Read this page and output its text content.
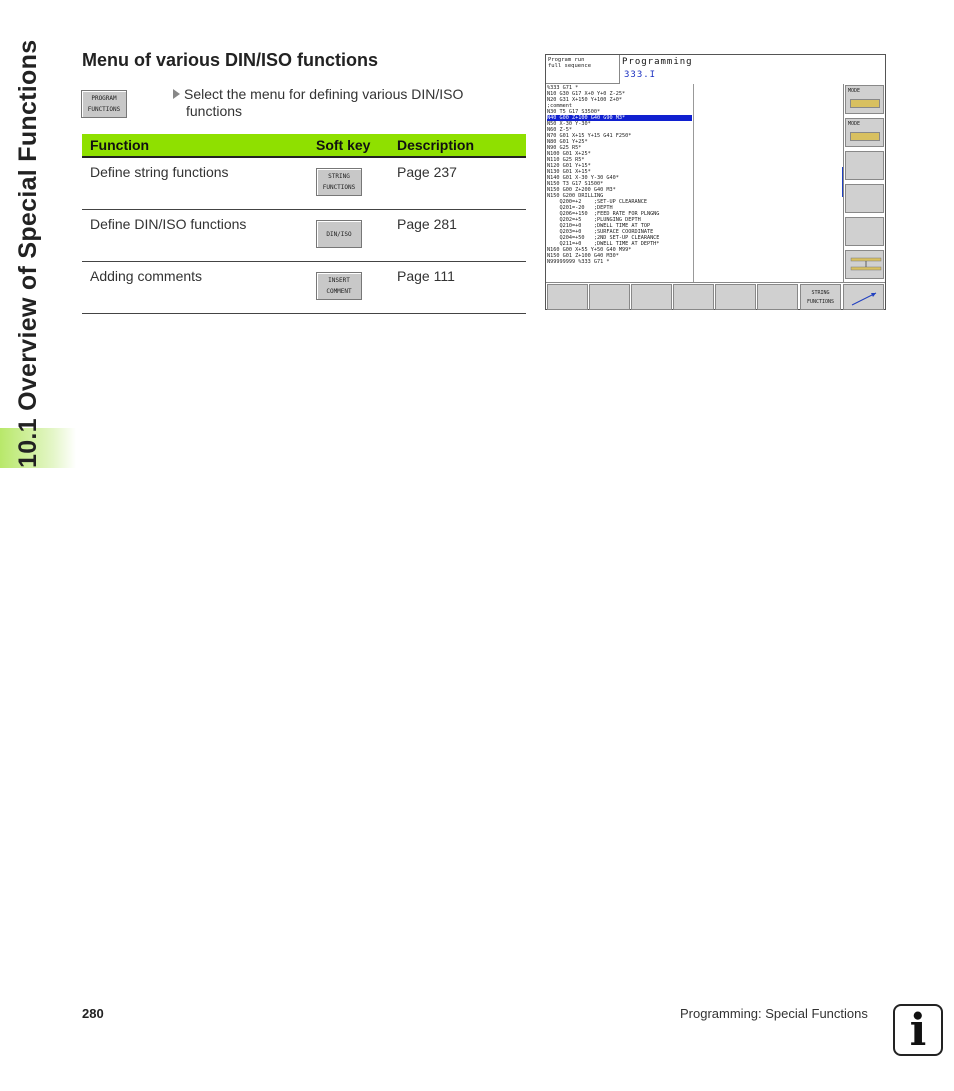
10.1 Overview of Special Functions	Menu of various DIN/ISO functions
PROGRAM
FUNCTIONS
Select the menu for defining various DIN/ISO
functions
Function	Soft key	Description
Define string functions	STRING
FUNCTIONS	Page 237
Define DIN/ISO functions	DIN/ISO	Page 281
Adding comments	INSERT
COMMENT	Page 111
Program run
full sequence	Programming
333.I
%333 G71 *
N10 G30 G17 X+0 Y+0 Z-25*
N20 G31 X+150 Y+100 Z+0*
;comment
N30 T5 G17 S3500*
N40 G00 Z+100 G40 G90 M3*
N50 X-30 Y-30*
N60 Z-5*
N70 G01 X+15 Y+15 G41 F250*
N80 G01 Y+25*
N90 G25 R5*
N100 G01 X+25*
N110 G25 R5*
N120 G01 Y+15*
N130 G01 X+15*
N140 G01 X-30 Y-30 G40*
N150 T3 G17 S1500*
N150 G00 Z+200 G40 M3*
N150 G200 DRILLING
Q200=+2    ;SET-UP CLEARANCE
Q201=-20   ;DEPTH
Q206=+150  ;FEED RATE FOR PLNGNG
Q202=+5    ;PLUNGING DEPTH
Q210=+0    ;DWELL TIME AT TOP
Q203=+0    ;SURFACE COORDINATE
Q204=+50   ;2ND SET-UP CLEARANCE
Q211=+0    ;DWELL TIME AT DEPTH*
N160 G00 X+55 Y+50 G40 M99*
N150 G01 Z+100 G40 M30*
N99999999 %333 G71 *
MODE
MODE
STRING
FUNCTIONS
280	Programming: Special Functions i
